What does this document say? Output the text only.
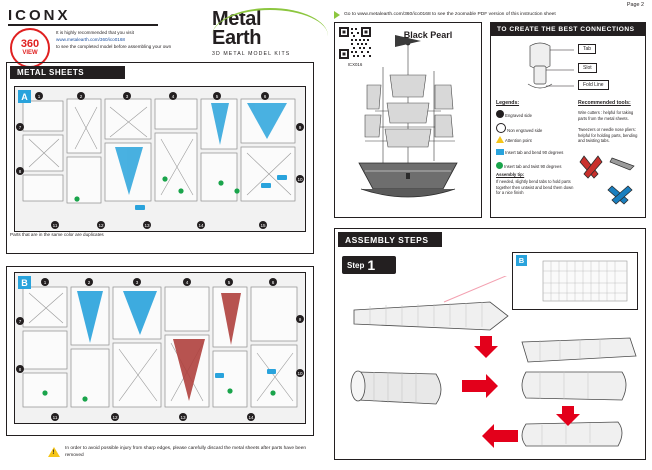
ICONX
360
VIEW
It is highly recommended that you visit
www.metalearth.com/360/ico0168
to see the completed model before assembling your own
Metal
Earth
3D METAL MODEL KITS
METAL SHEETS
1	2	3	4	5	6
7
8
9
10
11	12	13	14	15
A
Parts that are in the same color are duplicates
1	2	3	4	5	6
7
8
9
10
11	12	13	14
B
!
In order to avoid possible injury from sharp edges, please carefully discard the metal sheets after parts have been removed
Page 2
Go to www.metalearth.com/360/ico0168 to see the zoomable PDF version of this instruction sheet
ICX016
Black Pearl
TO CREATE THE BEST CONNECTIONS
Tab
Slot
Fold Line
Legends:
Engraved side
Non engraved side
Attention point
Insert tab and bend 90 degrees
Insert tab and twist 90 degrees
Recommended tools:
Wire cutters : helpful for taking parts from the metal sheets.
Tweezers or needle nose pliers: helpful for holding parts, bending and twisting tabs.
Assembly tip:
If needed, slightly bend tabs to hold parts together then untwist and bend them down for a nice finish
ASSEMBLY STEPS
Step 1	B
